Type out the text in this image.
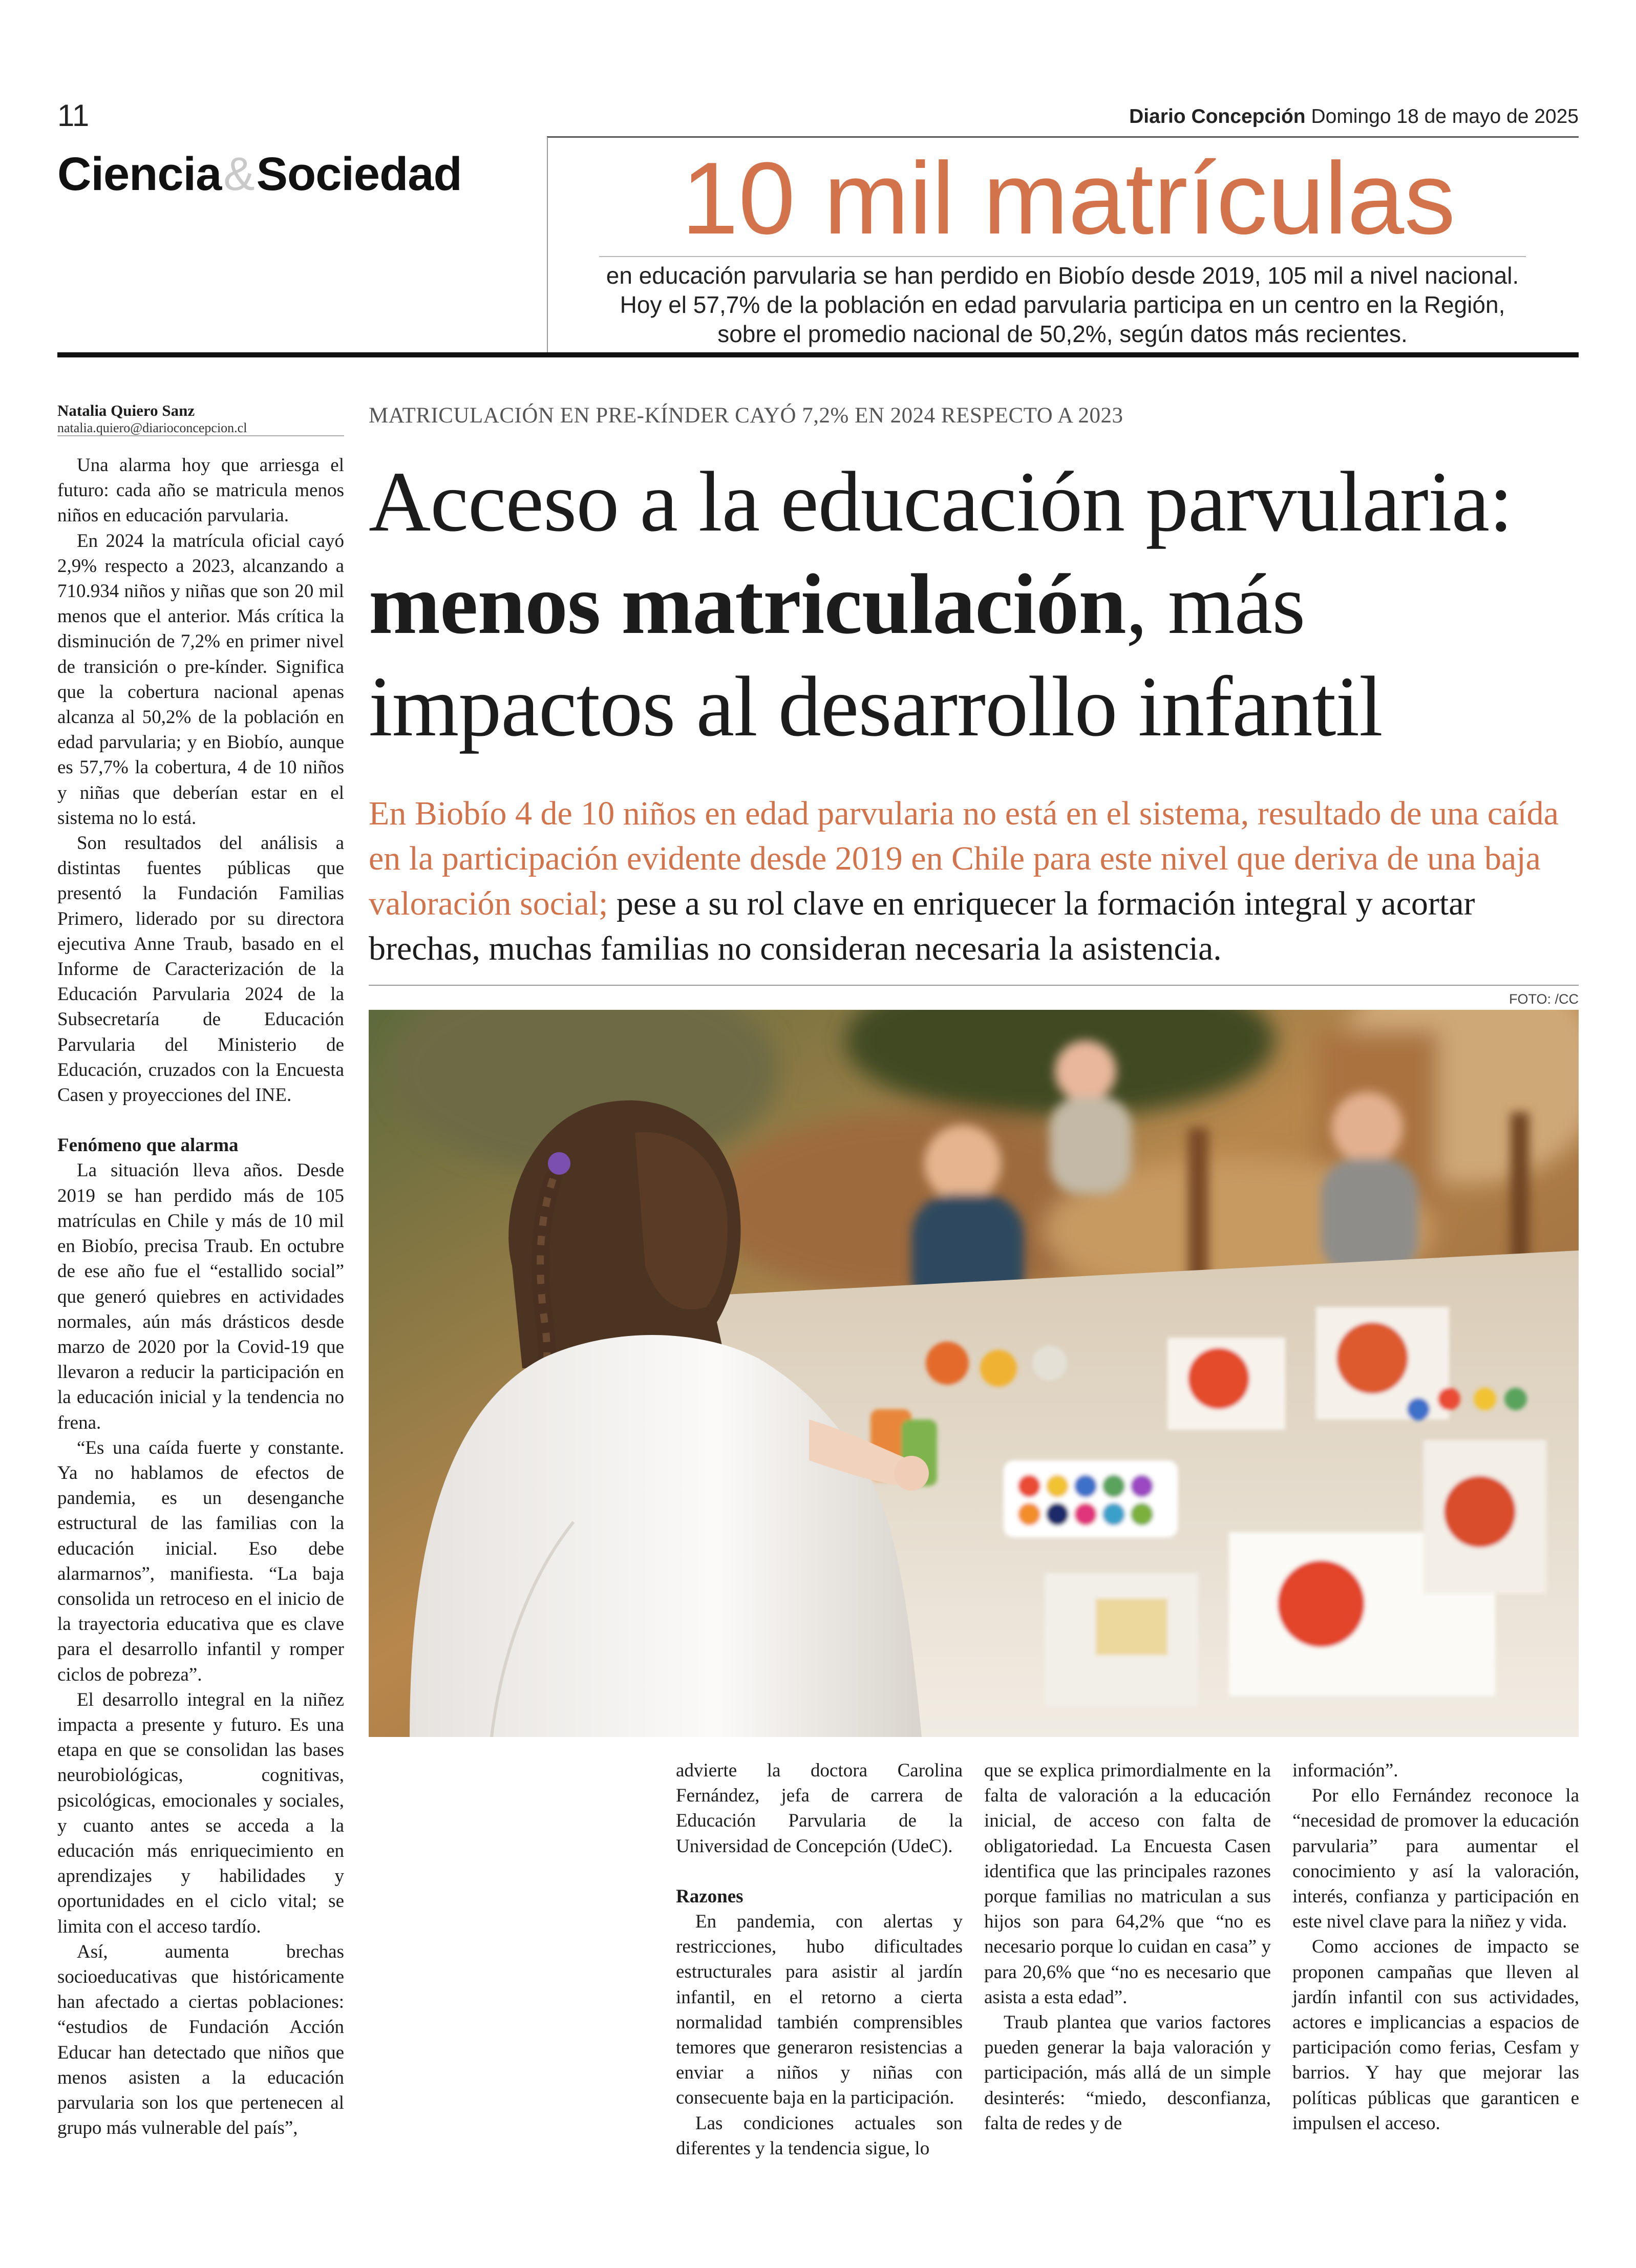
11	Diario Concepción Domingo 18 de mayo de 2025
Ciencia&Sociedad	10 mil matrículas
en educación parvularia se han perdido en Biobío desde 2019, 105 mil a nivel nacional. Hoy el 57,7% de la población en edad parvularia participa en un centro en la Región, sobre el promedio nacional de 50,2%, según datos más recientes.
Natalia Quiero Sanz
natalia.quiero@diarioconcepcion.cl
MATRICULACIÓN EN PRE-KÍNDER CAYÓ 7,2% EN 2024 RESPECTO A 2023
Acceso a la educación parvularia: menos matriculación, más impactos al desarrollo infantil
En Biobío 4 de 10 niños en edad parvularia no está en el sistema, resultado de una caída en la participación evidente desde 2019 en Chile para este nivel que deriva de una baja valoración social; pese a su rol clave en enriquecer la formación integral y acortar brechas, muchas familias no consideran necesaria la asistencia.
FOTO: /CC

Una alarma hoy que arriesga el futuro: cada año se matricula menos niños en educación parvularia.

En 2024 la matrícula oficial cayó 2,9% respecto a 2023, alcanzando a 710.934 niños y niñas que son 20 mil menos que el anterior. Más crítica la disminución de 7,2% en primer nivel de transición o pre-kínder. Significa que la cobertura nacional apenas alcanza al 50,2% de la población en edad parvularia; y en Biobío, aunque es 57,7% la cobertura, 4 de 10 niños y niñas que deberían estar en el sistema no lo está.

Son resultados del análisis a distintas fuentes públicas que presentó la Fundación Familias Primero, liderado por su directora ejecutiva Anne Traub, basado en el Informe de Caracterización de la Educación Parvularia 2024 de la Subsecretaría de Educación Parvularia del Ministerio de Educación, cruzados con la Encuesta Casen y proyecciones del INE.

Fenómeno que alarma

La situación lleva años. Desde 2019 se han perdido más de 105 matrículas en Chile y más de 10 mil en Biobío, precisa Traub. En octubre de ese año fue el “estallido social” que generó quiebres en actividades normales, aún más drásticos desde marzo de 2020 por la Covid-19 que llevaron a reducir la participación en la educación inicial y la tendencia no frena.

“Es una caída fuerte y constante. Ya no hablamos de efectos de pandemia, es un desenganche estructural de las familias con la educación inicial. Eso debe alarmarnos”, manifiesta. “La baja consolida un retroceso en el inicio de la trayectoria educativa que es clave para el desarrollo infantil y romper ciclos de pobreza”.

El desarrollo integral en la niñez impacta a presente y futuro. Es una etapa en que se consolidan las bases neurobiológicas, cognitivas, psicológicas, emocionales y sociales, y cuanto antes se acceda a la educación más enriquecimiento en aprendizajes y habilidades y oportunidades en el ciclo vital; se limita con el acceso tardío.

Así, aumenta brechas socioeducativas que históricamente han afectado a ciertas poblaciones: “estudios de Fundación Acción Educar han detectado que niños que menos asisten a la educación parvularia son los que pertenecen al grupo más vulnerable del país”,

advierte la doctora Carolina Fernández, jefa de carrera de Educación Parvularia de la Universidad de Concepción (UdeC).

Razones

En pandemia, con alertas y restricciones, hubo dificultades estructurales para asistir al jardín infantil, en el retorno a cierta normalidad también comprensibles temores que generaron resistencias a enviar a niños y niñas con consecuente baja en la participación.

Las condiciones actuales son diferentes y la tendencia sigue, lo

que se explica primordialmente en la falta de valoración a la educación inicial, de acceso con falta de obligatoriedad. La Encuesta Casen identifica que las principales razones porque familias no matriculan a sus hijos son para 64,2% que “no es necesario porque lo cuidan en casa” y para 20,6% que “no es necesario que asista a esta edad”.

Traub plantea que varios factores pueden generar la baja valoración y participación, más allá de un simple desinterés: “miedo, desconfianza, falta de redes y de

información”.

Por ello Fernández reconoce la “necesidad de promover la educación parvularia” para aumentar el conocimiento y así la valoración, interés, confianza y participación en este nivel clave para la niñez y vida.

Como acciones de impacto se proponen campañas que lleven al jardín infantil con sus actividades, actores e implicancias a espacios de participación como ferias, Cesfam y barrios. Y hay que mejorar las políticas públicas que garanticen e impulsen el acceso.
